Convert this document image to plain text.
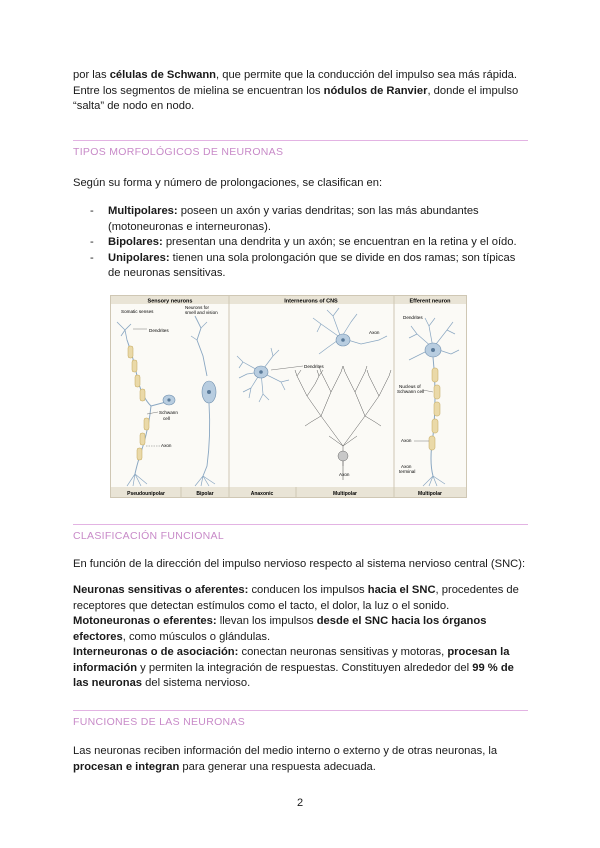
por las células de Schwann, que permite que la conducción del impulso sea más rápida.
Entre los segmentos de mielina se encuentran los nódulos de Ranvier, donde el impulso
“salta” de nodo en nodo.

TIPOS MORFOLÓGICOS DE NEURONAS

Según su forma y número de prolongaciones, se clasifican en:

- Multipolares: poseen un axón y varias dendritas; son las más abundantes
(motoneuronas e interneuronas).
- Bipolares: presentan una dendrita y un axón; se encuentran en la retina y el oído.
- Unipolares: tienen una sola prolongación que se divide en dos ramas; son típicas
de neuronas sensitivas.
Sensory neurons	Interneurons of CNS	Efferent neuron
Somatic senses
Dendrites
Schwann
cell
Axon
Neurons for
smell and vision
Axon
Dendrites
Axon
Dendrites
Nucleus of
Schwann cell
Axon
Axon
terminal
Pseudounipolar	Bipolar	Anaxonic	Multipolar	Multipolar
CLASIFICACIÓN FUNCIONAL

En función de la dirección del impulso nervioso respecto al sistema nervioso central (SNC):

Neuronas sensitivas o aferentes: conducen los impulsos hacia el SNC, procedentes de
receptores que detectan estímulos como el tacto, el dolor, la luz o el sonido.
Motoneuronas o eferentes: llevan los impulsos desde el SNC hacia los órganos
efectores, como músculos o glándulas.
Interneuronas o de asociación: conectan neuronas sensitivas y motoras, procesan la
información y permiten la integración de respuestas. Constituyen alrededor del 99 % de
las neuronas del sistema nervioso.

FUNCIONES DE LAS NEURONAS

Las neuronas reciben información del medio interno o externo y de otras neuronas, la
procesan e integran para generar una respuesta adecuada.

2
